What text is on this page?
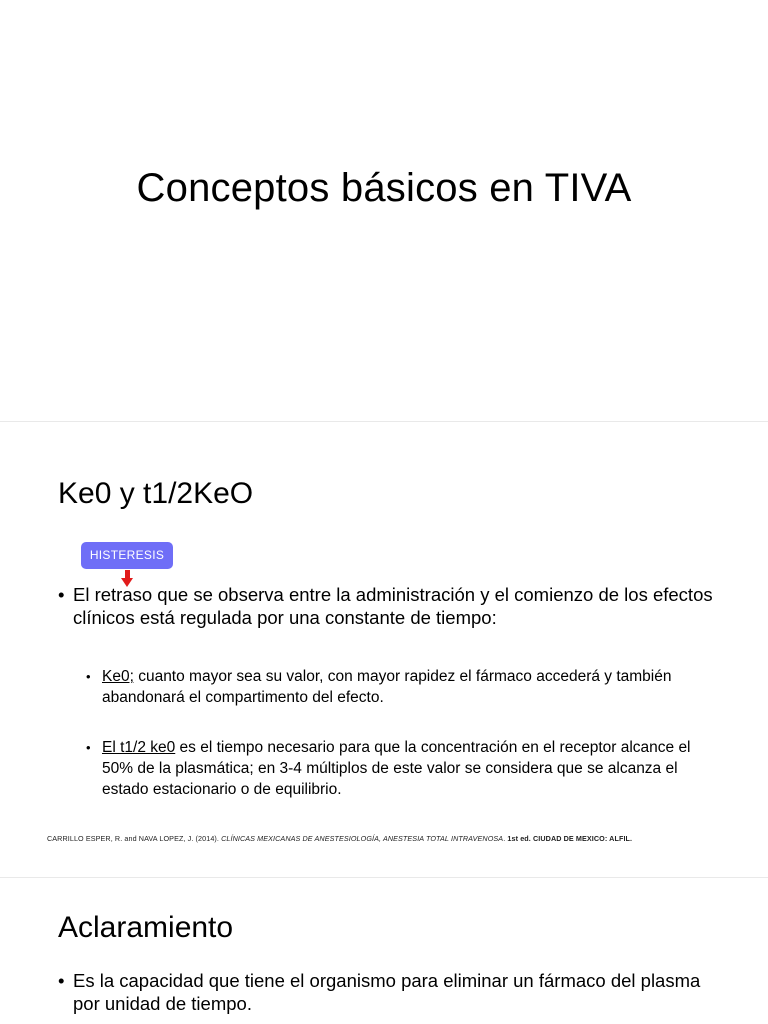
Conceptos básicos en TIVA
Ke0 y t1/2KeO
HISTERESIS
• El retraso que se observa entre la administración y el comienzo de los efectos clínicos está regulada por una constante de tiempo:
• Ke0; cuanto mayor sea su valor, con mayor rapidez el fármaco accederá y también abandonará el compartimento del efecto.
• El t1/2 ke0 es el tiempo necesario para que la concentración en el receptor alcance el 50% de la plasmática; en 3-4 múltiplos de este valor se considera que se alcanza el estado estacionario o de equilibrio.
CARRILLO ESPER, R. and NAVA LOPEZ, J. (2014). CLÍNICAS MEXICANAS DE ANESTESIOLOGÍA, ANESTESIA TOTAL INTRAVENOSA. 1st ed. CIUDAD DE MEXICO: ALFIL.
Aclaramiento
• Es la capacidad que tiene el organismo para eliminar un fármaco del plasma por unidad de tiempo.
